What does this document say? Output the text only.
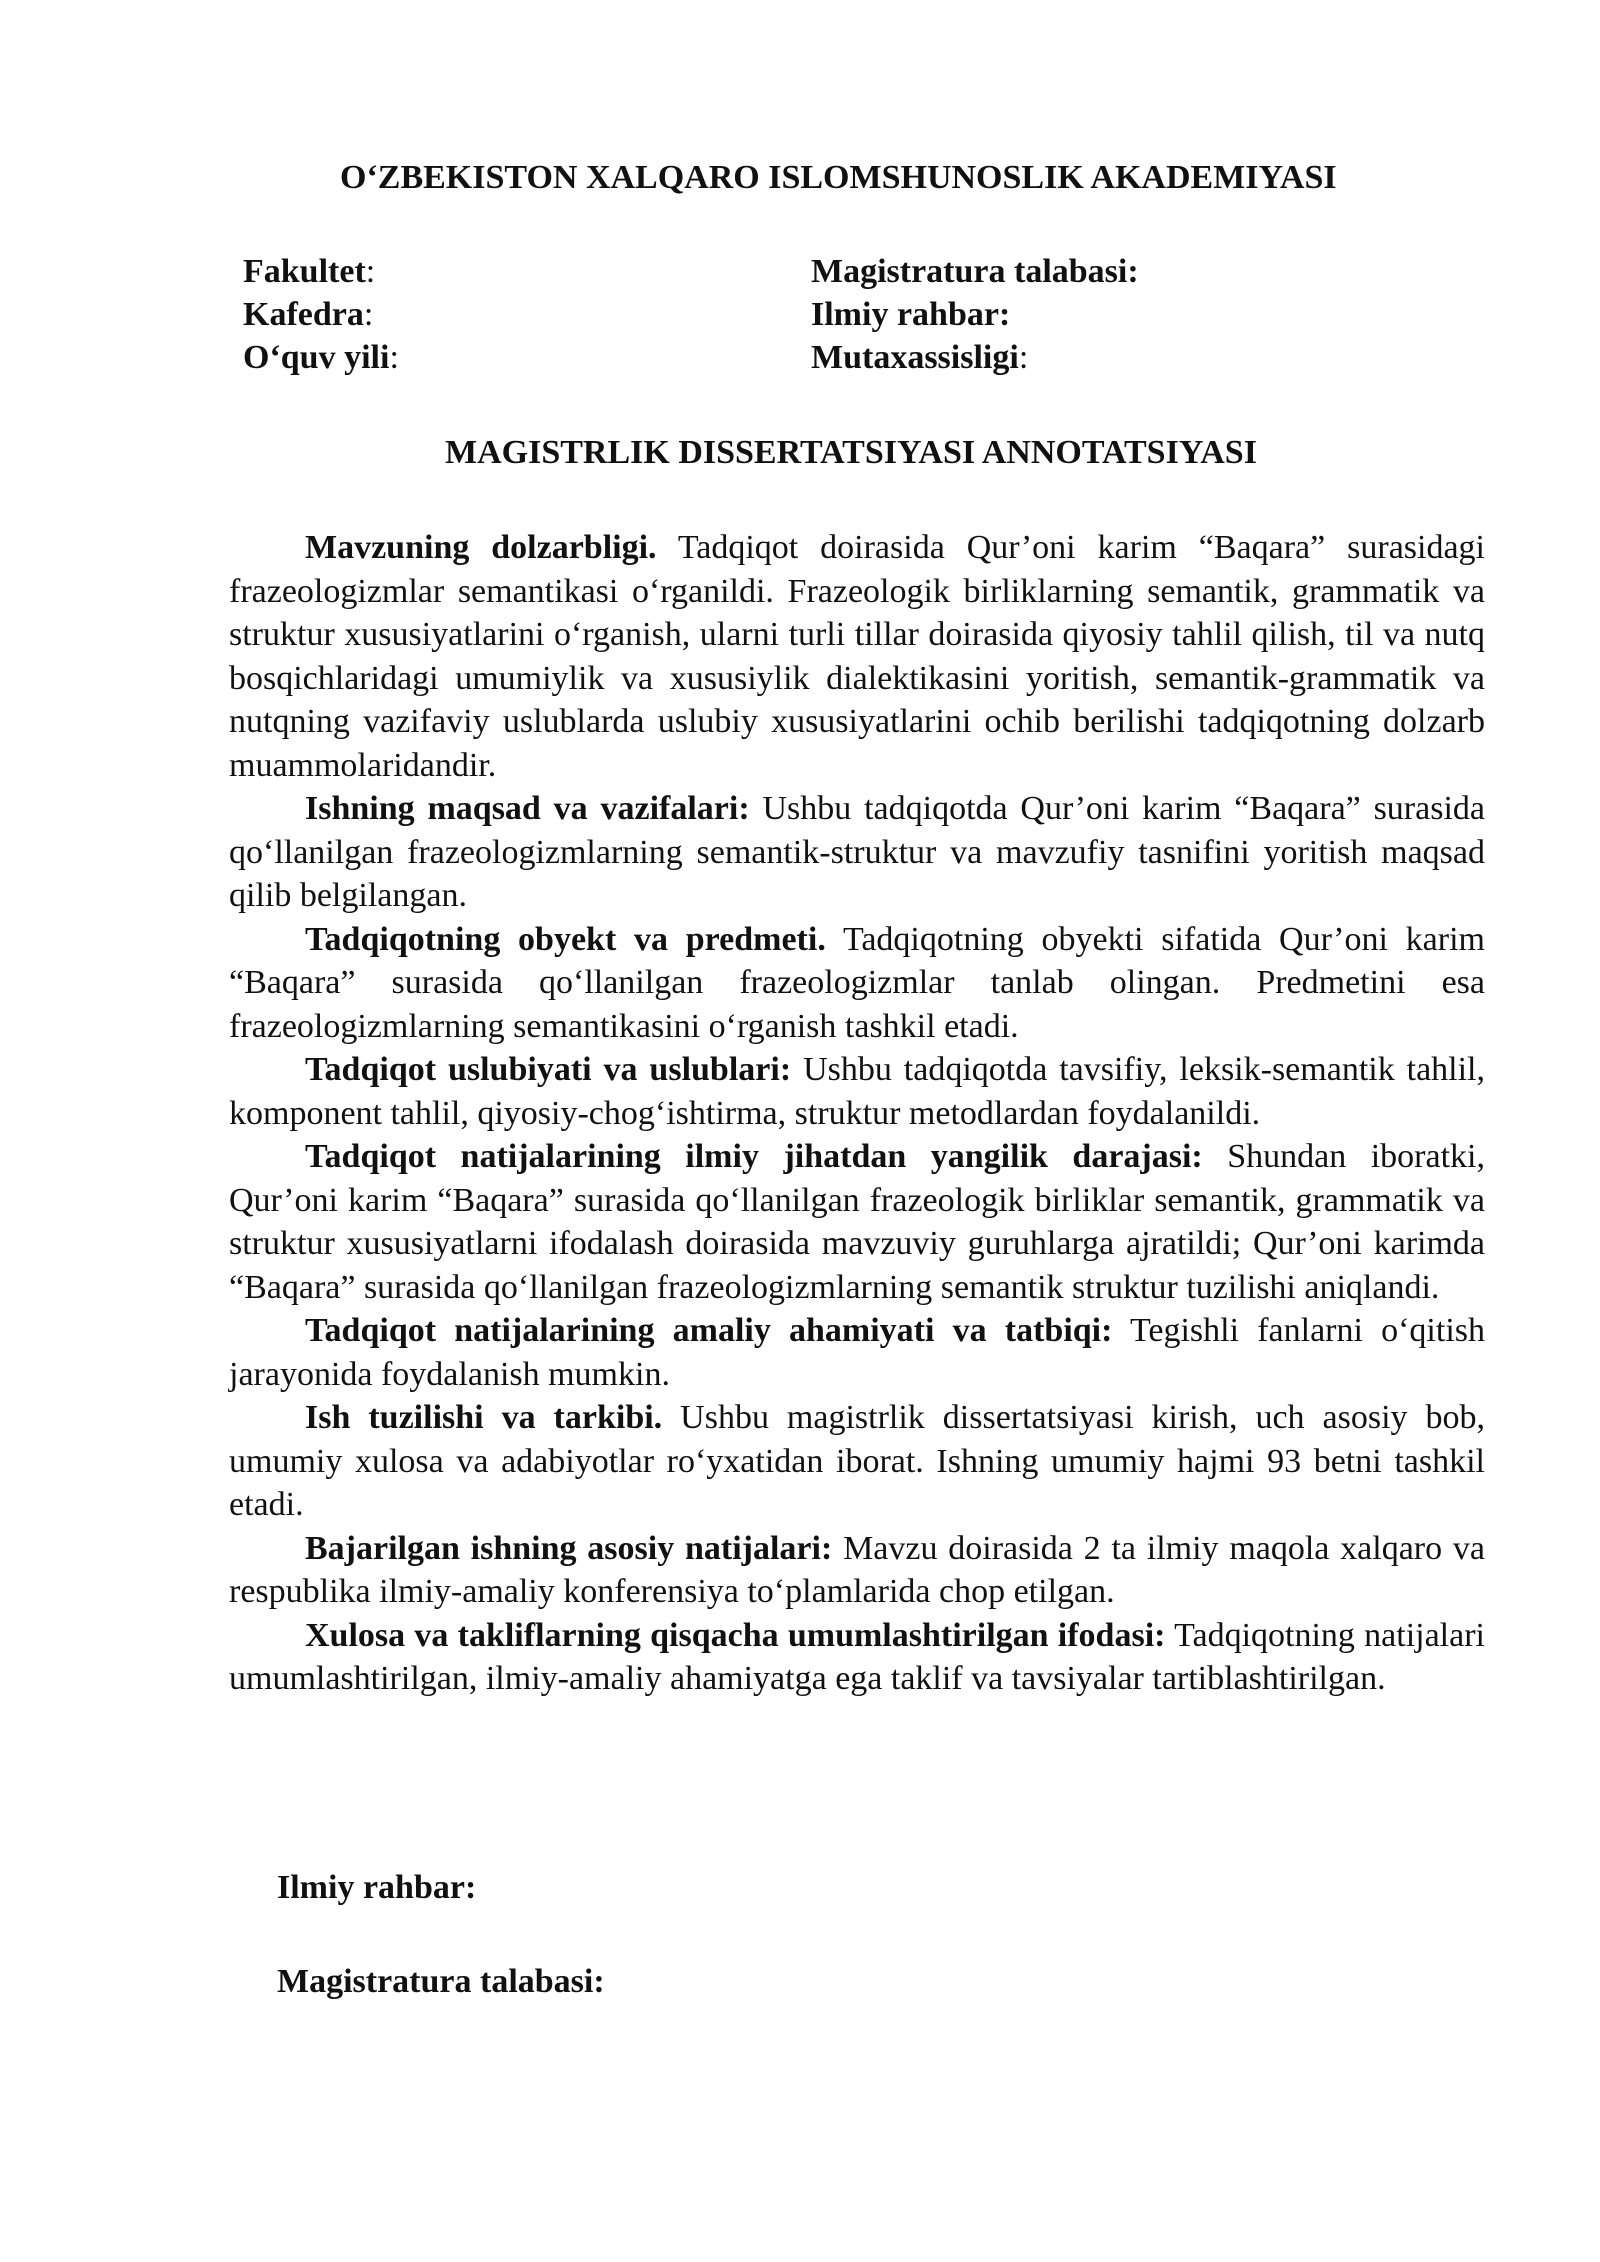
O‘ZBEKISTON XALQARO ISLOMSHUNOSLIK AKADEMIYASI
Fakultet:
Kafedra:
O‘quv yili:
Magistratura talabasi:
Ilmiy rahbar:
Mutaxassisligi:
MAGISTRLIK DISSERTATSIYASI ANNOTATSIYASI

Mavzuning dolzarbligi. Tadqiqot doirasida Qur’oni karim “Baqara” surasidagi frazeologizmlar semantikasi o‘rganildi. Frazeologik birliklarning semantik, grammatik va struktur xususiyatlarini o‘rganish, ularni turli tillar doirasida qiyosiy tahlil qilish, til va nutq bosqichlaridagi umumiylik va xususiylik dialektikasini yoritish, semantik-grammatik va nutqning vazifaviy uslublarda uslubiy xususiyatlarini ochib berilishi tadqiqotning dolzarb muammolaridandir.

Ishning maqsad va vazifalari: Ushbu tadqiqotda Qur’oni karim “Baqara” surasida qo‘llanilgan frazeologizmlarning semantik-struktur va mavzufiy tasnifini yoritish maqsad qilib belgilangan.

Tadqiqotning obyekt va predmeti. Tadqiqotning obyekti sifatida Qur’oni karim “Baqara” surasida qo‘llanilgan frazeologizmlar tanlab olingan. Predmetini esa frazeologizmlarning semantikasini o‘rganish tashkil etadi.

Tadqiqot uslubiyati va uslublari: Ushbu tadqiqotda tavsifiy, leksik-semantik tahlil, komponent tahlil, qiyosiy-chog‘ishtirma, struktur metodlardan foydalanildi.

Tadqiqot natijalarining ilmiy jihatdan yangilik darajasi: Shundan iboratki, Qur’oni karim “Baqara” surasida qo‘llanilgan frazeologik birliklar semantik, grammatik va struktur xususiyatlarni ifodalash doirasida mavzuviy guruhlarga ajratildi; Qur’oni karimda “Baqara” surasida qo‘llanilgan frazeologizmlarning semantik struktur tuzilishi aniqlandi.

Tadqiqot natijalarining amaliy ahamiyati va tatbiqi: Tegishli fanlarni o‘qitish jarayonida foydalanish mumkin.

Ish tuzilishi va tarkibi. Ushbu magistrlik dissertatsiyasi kirish, uch asosiy bob, umumiy xulosa va adabiyotlar ro‘yxatidan iborat. Ishning umumiy hajmi 93 betni tashkil etadi.

Bajarilgan ishning asosiy natijalari: Mavzu doirasida 2 ta ilmiy maqola xalqaro va respublika ilmiy-amaliy konferensiya to‘plamlarida chop etilgan.

Xulosa va takliflarning qisqacha umumlashtirilgan ifodasi: Tadqiqotning natijalari umumlashtirilgan, ilmiy-amaliy ahamiyatga ega taklif va tavsiyalar tartiblashtirilgan.

Ilmiy rahbar:
Magistratura talabasi:
